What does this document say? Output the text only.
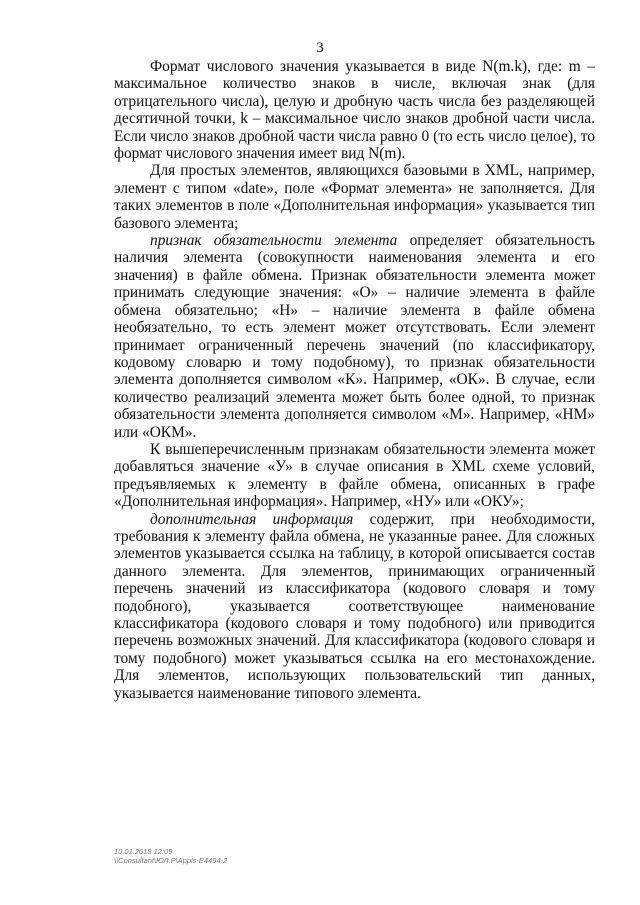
3

Формат числового значения указывается в виде N(m.k), где: m – максимальное количество знаков в числе, включая знак (для отрицательного числа), целую и дробную часть числа без разделяющей десятичной точки, k – максимальное число знаков дробной части числа. Если число знаков дробной части числа равно 0 (то есть число целое), то формат числового значения имеет вид N(m).

Для простых элементов, являющихся базовыми в XML, например, элемент с типом «date», поле «Формат элемента» не заполняется. Для таких элементов в поле «Дополнительная информация» указывается тип базового элемента;

признак обязательности элемента определяет обязательность наличия элемента (совокупности наименования элемента и его значения) в файле обмена. Признак обязательности элемента может принимать следующие значения: «О» – наличие элемента в файле обмена обязательно; «Н» – наличие элемента в файле обмена необязательно, то есть элемент может отсутствовать. Если элемент принимает ограниченный перечень значений (по классификатору, кодовому словарю и тому подобному), то признак обязательности элемента дополняется символом «К». Например, «ОК». В случае, если количество реализаций элемента может быть более одной, то признак обязательности элемента дополняется символом «М». Например, «НМ» или «ОКМ».

К вышеперечисленным признакам обязательности элемента может добавляться значение «У» в случае описания в XML схеме условий, предъявляемых к элементу в файле обмена, описанных в графе «Дополнительная информация». Например, «НУ» или «ОКУ»;

дополнительная информация содержит, при необходимости, требования к элементу файла обмена, не указанные ранее. Для сложных элементов указывается ссылка на таблицу, в которой описывается состав данного элемента. Для элементов, принимающих ограниченный перечень значений из классификатора (кодового словаря и тому подобного), указывается соответствующее наименование классификатора (кодового словаря и тому подобного) или приводится перечень возможных значений. Для классификатора (кодового словаря и тому подобного) может указываться ссылка на его местонахождение. Для элементов, использующих пользовательский тип данных, указывается наименование типового элемента.

10.01.2018 12:09
\\Consultant\ЮЛ.Р\Appls-Е4494-2
